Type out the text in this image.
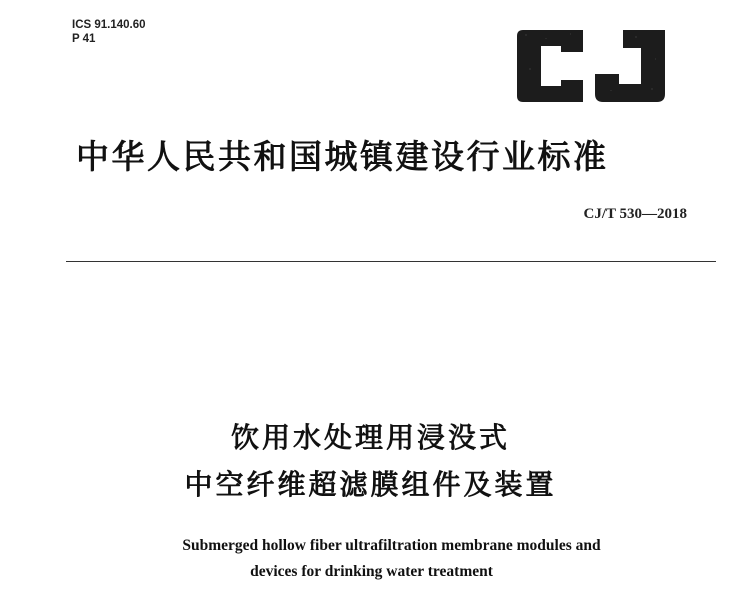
ICS 91.140.60
P 41
中华人民共和国城镇建设行业标准
CJ/T 530—2018
饮用水处理用浸没式
中空纤维超滤膜组件及装置
Submerged hollow fiber ultrafiltration membrane modules and
devices for drinking water treatment
